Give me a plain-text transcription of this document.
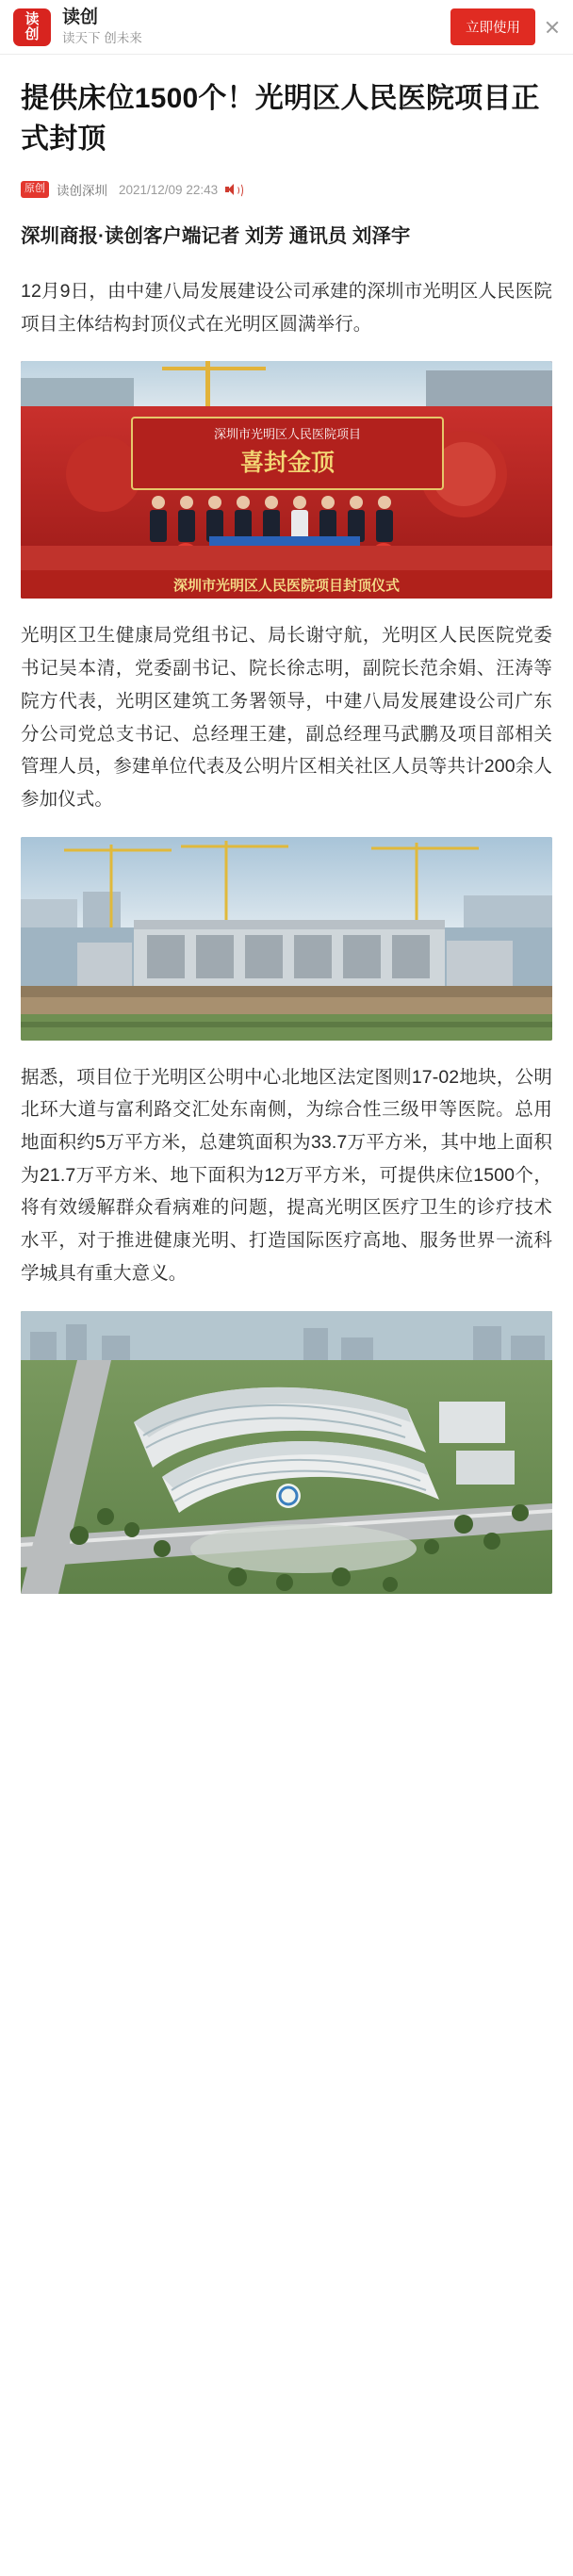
读
创
读创
读天下 创未来
立即使用
提供床位1500个！光明区人民医院项目正式封顶
原创 读创深圳 2021/12/09 22:43
深圳商报·读创客户端记者 刘芳 通讯员 刘泽宇

12月9日，由中建八局发展建设公司承建的深圳市光明区人民医院项目主体结构封顶仪式在光明区圆满举行。

深圳市光明区人民医院项目
喜封金顶
深圳市光明区人民医院项目封顶仪式

光明区卫生健康局党组书记、局长谢守航，光明区人民医院党委书记吴本清，党委副书记、院长徐志明，副院长范余娟、汪涛等院方代表，光明区建筑工务署领导，中建八局发展建设公司广东分公司党总支书记、总经理王建，副总经理马武鹏及项目部相关管理人员，参建单位代表及公明片区相关社区人员等共计200余人参加仪式。

据悉，项目位于光明区公明中心北地区法定图则17-02地块，公明北环大道与富利路交汇处东南侧，为综合性三级甲等医院。总用地面积约5万平方米，总建筑面积为33.7万平方米，其中地上面积为21.7万平方米、地下面积为12万平方米，可提供床位1500个，将有效缓解群众看病难的问题，提高光明区医疗卫生的诊疗技术水平，对于推进健康光明、打造国际医疗高地、服务世界一流科学城具有重大意义。
